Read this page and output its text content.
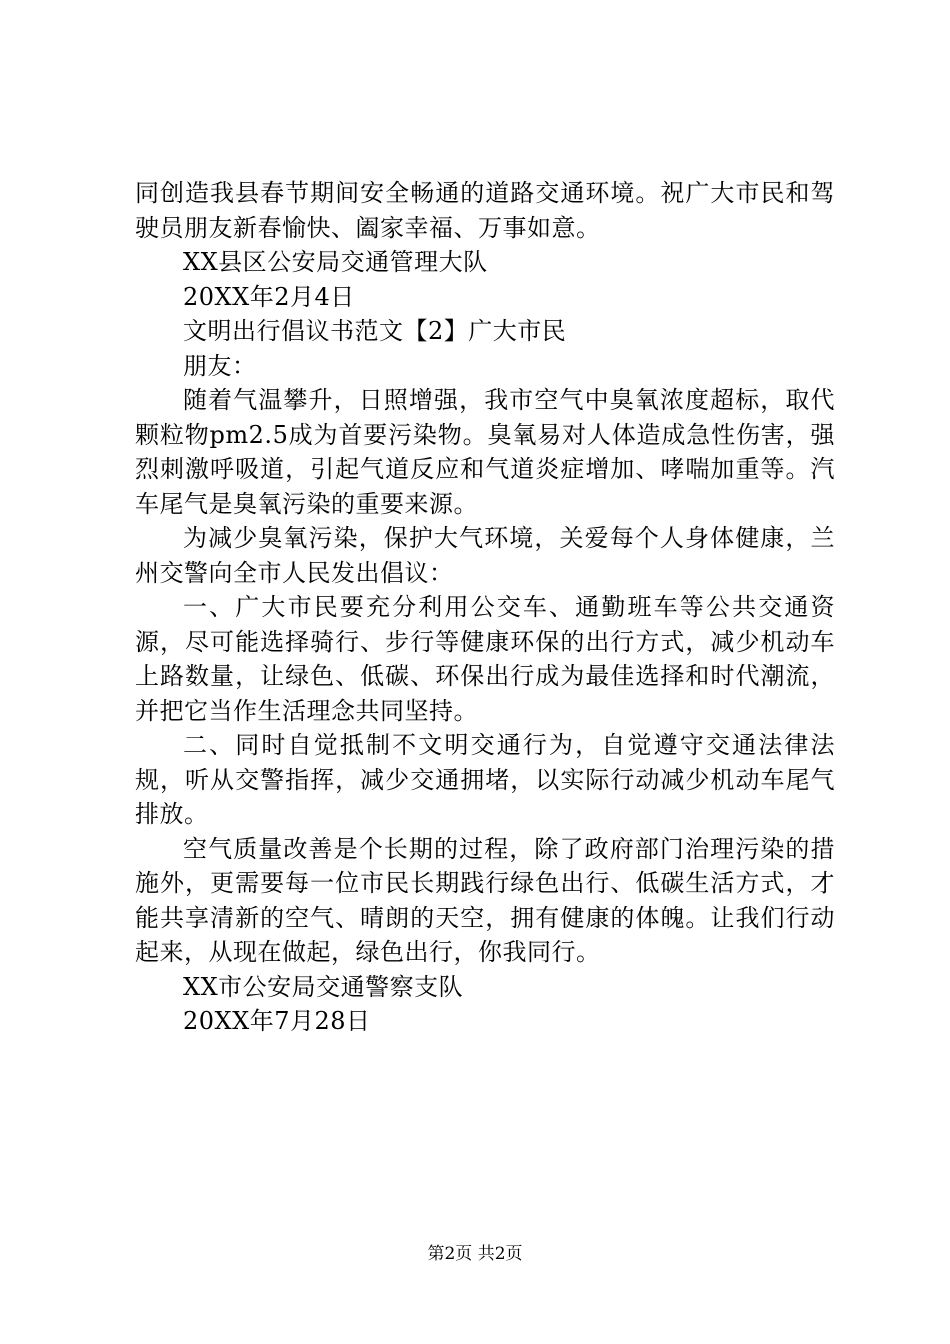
同创造我县春节期间安全畅通的道路交通环境。祝广大市民和驾驶员朋友新春愉快、阖家幸福、万事如意。

XX县区公安局交通管理大队

20XX年2月4日

文明出行倡议书范文【2】广大市民

朋友：

随着气温攀升，日照增强，我市空气中臭氧浓度超标，取代颗粒物pm2.5成为首要污染物。臭氧易对人体造成急性伤害，强烈刺激呼吸道，引起气道反应和气道炎症增加、哮喘加重等。汽车尾气是臭氧污染的重要来源。

为减少臭氧污染，保护大气环境，关爱每个人身体健康，兰州交警向全市人民发出倡议：

一、广大市民要充分利用公交车、通勤班车等公共交通资源，尽可能选择骑行、步行等健康环保的出行方式，减少机动车上路数量，让绿色、低碳、环保出行成为最佳选择和时代潮流，并把它当作生活理念共同坚持。

二、同时自觉抵制不文明交通行为，自觉遵守交通法律法规，听从交警指挥，减少交通拥堵，以实际行动减少机动车尾气排放。

空气质量改善是个长期的过程，除了政府部门治理污染的措施外，更需要每一位市民长期践行绿色出行、低碳生活方式，才能共享清新的空气、晴朗的天空，拥有健康的体魄。让我们行动起来，从现在做起，绿色出行，你我同行。

XX市公安局交通警察支队

20XX年7月28日

第2页 共2页
